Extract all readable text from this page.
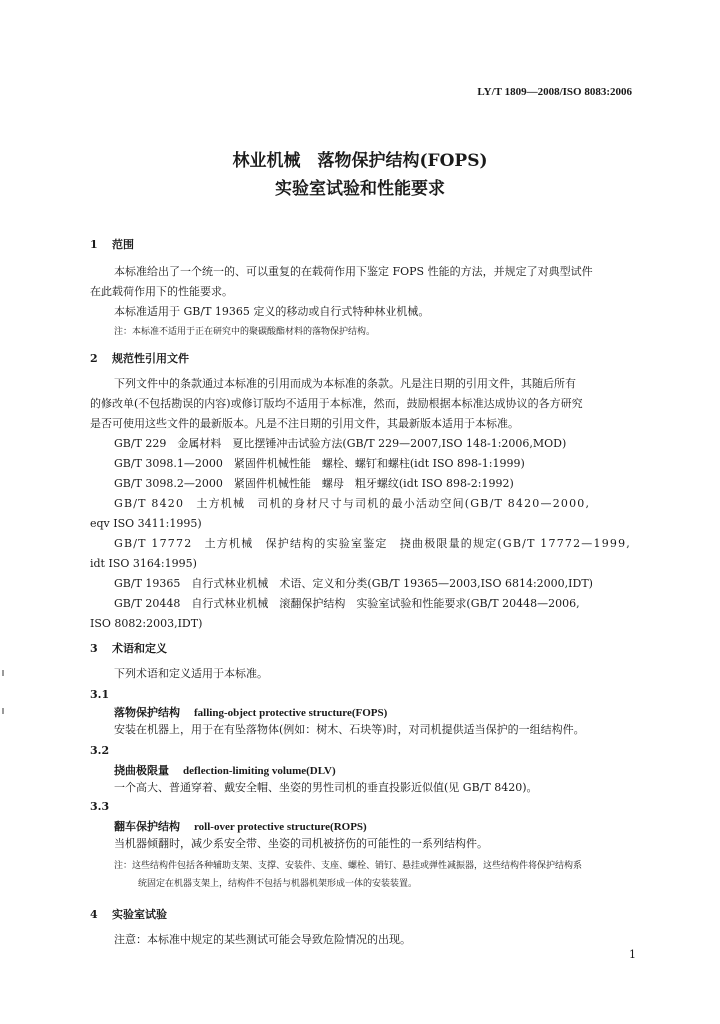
LY/T 1809—2008/ISO 8083:2006
林业机械　落物保护结构(FOPS)
实验室试验和性能要求
1 范围
本标准给出了一个统一的、可以重复的在载荷作用下鉴定 FOPS 性能的方法，并规定了对典型试件
在此载荷作用下的性能要求。
本标准适用于 GB/T 19365 定义的移动或自行式特种林业机械。
注：本标准不适用于正在研究中的聚碳酸酯材料的落物保护结构。
2 规范性引用文件
下列文件中的条款通过本标准的引用而成为本标准的条款。凡是注日期的引用文件，其随后所有
的修改单(不包括勘误的内容)或修订版均不适用于本标准，然而，鼓励根据本标准达成协议的各方研究
是否可使用这些文件的最新版本。凡是不注日期的引用文件，其最新版本适用于本标准。
GB/T 229　金属材料　夏比摆锤冲击试验方法(GB/T 229—2007,ISO 148-1:2006,MOD)
GB/T 3098.1—2000　紧固件机械性能　螺栓、螺钉和螺柱(idt ISO 898-1:1999)
GB/T 3098.2—2000　紧固件机械性能　螺母　粗牙螺纹(idt ISO 898-2:1992)
GB/T 8420　土方机械　司机的身材尺寸与司机的最小活动空间(GB/T 8420—2000,
eqv ISO 3411:1995)
GB/T 17772　土方机械　保护结构的实验室鉴定　挠曲极限量的规定(GB/T 17772—1999,
idt ISO 3164:1995)
GB/T 19365　自行式林业机械　术语、定义和分类(GB/T 19365—2003,ISO 6814:2000,IDT)
GB/T 20448　自行式林业机械　滚翻保护结构　实验室试验和性能要求(GB/T 20448—2006,
ISO 8082:2003,IDT)
3 术语和定义
下列术语和定义适用于本标准。
3.1
落物保护结构 falling-object protective structure(FOPS)
安装在机器上，用于在有坠落物体(例如：树木、石块等)时，对司机提供适当保护的一组结构件。
3.2
挠曲极限量 deflection-limiting volume(DLV)
一个高大、普通穿着、戴安全帽、坐姿的男性司机的垂直投影近似值(见 GB/T 8420)。
3.3
翻车保护结构 roll-over protective structure(ROPS)
当机器倾翻时，减少系安全带、坐姿的司机被挤伤的可能性的一系列结构件。
注：这些结构件包括各种辅助支架、支撑、安装件、支座、螺栓、销钉、悬挂或弹性减振器，这些结构件将保护结构系
统固定在机器支架上，结构件不包括与机器机架形成一体的安装装置。
4 实验室试验
注意：本标准中规定的某些测试可能会导致危险情况的出现。
1
